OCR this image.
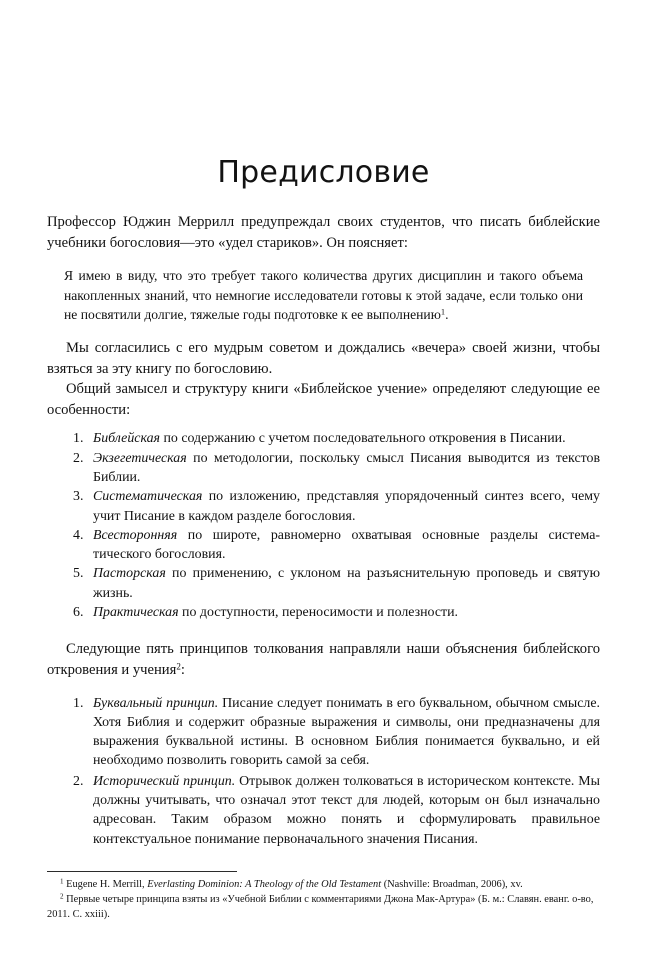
Предисловие

Профессор Юджин Меррилл предупреждал своих студентов, что писать библейские учебники богословия—это «удел стариков». Он поясняет:

Я имею в виду, что это требует такого количества других дисциплин и такого объема накопленных знаний, что немногие исследователи готовы к этой задаче, если только они не посвятили долгие, тяжелые годы подготовке к ее выполнению$^1$.

Мы согласились с его мудрым советом и дождались «вечера» своей жизни, чтобы взяться за эту книгу по богословию.

Общий замысел и структуру книги «Библейское учение» определяют следующие ее особенности:

1. Библейская по содержанию с учетом последовательного откровения в Писании.
2. Экзегетическая по методологии, поскольку смысл Писания выводится из текстов Библии.
3. Систематическая по изложению, представляя упорядоченный синтез всего, чему учит Писание в каждом разделе богословия.
4. Всесторонняя по широте, равномерно охватывая основные разделы систематического богословия.
5. Пасторская по применению, с уклоном на разъяснительную проповедь и святую жизнь.
6. Практическая по доступности, переносимости и полезности.

Следующие пять принципов толкования направляли наши объяснения библейского откровения и учения$^2$:

1. Буквальный принцип. Писание следует понимать в его буквальном, обычном смысле. Хотя Библия и содержит образные выражения и символы, они предназначены для выражения буквальной истины. В основном Библия понимается буквально, и ей необходимо позволить говорить самой за себя.
2. Исторический принцип. Отрывок должен толковаться в историческом контексте. Мы должны учитывать, что означал этот текст для людей, которым он был изначально адресован. Таким образом можно понять и сформулировать правильное контекстуальное понимание первоначального значения Писания.

$^1$ Eugene H. Merrill, Everlasting Dominion: A Theology of the Old Testament (Nashville: Broadman, 2006), xv.

$^2$ Первые четыре принципа взяты из «Учебной Библии с комментариями Джона Мак-Артура» (Б. м.: Славян. еванг. о-во, 2011. С. xxiii).
